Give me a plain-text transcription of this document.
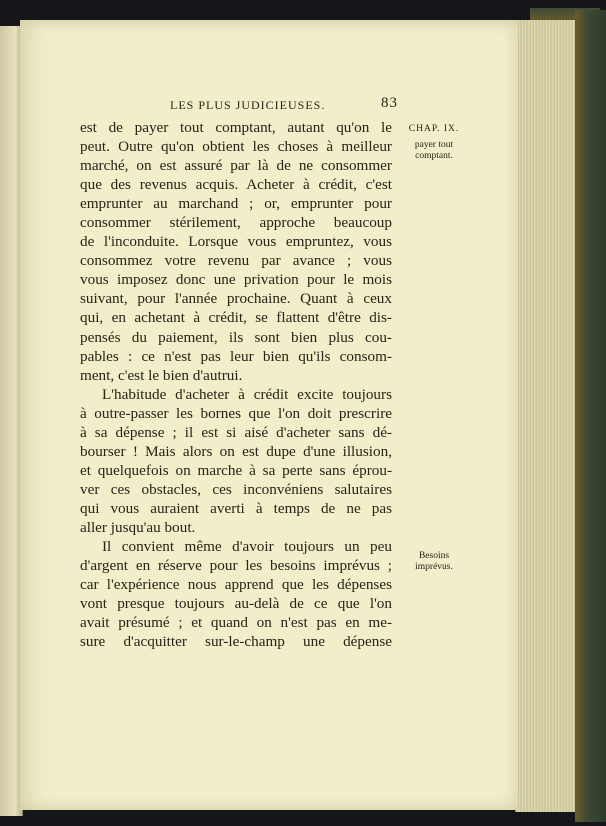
LES PLUS JUDICIEUSES.	83
est de payer tout comptant, autant qu'on le
peut. Outre qu'on obtient les choses à meilleur
marché, on est assuré par là de ne consommer
que des revenus acquis. Acheter à crédit, c'est
emprunter au marchand ; or, emprunter pour
consommer stérilement, approche beaucoup
de l'inconduite. Lorsque vous empruntez, vous
consommez votre revenu par avance ; vous
vous imposez donc une privation pour le mois
suivant, pour l'année prochaine. Quant à ceux
qui, en achetant à crédit, se flattent d'être dis-
pensés du paiement, ils sont bien plus cou-
pables : ce n'est pas leur bien qu'ils consom-
ment, c'est le bien d'autrui.
L'habitude d'acheter à crédit excite toujours
à outre-passer les bornes que l'on doit prescrire
à sa dépense ; il est si aisé d'acheter sans dé-
bourser ! Mais alors on est dupe d'une illusion,
et quelquefois on marche à sa perte sans éprou-
ver ces obstacles, ces inconvéniens salutaires
qui vous auraient averti à temps de ne pas
aller jusqu'au bout.
Il convient même d'avoir toujours un peu
d'argent en réserve pour les besoins imprévus ;
car l'expérience nous apprend que les dépenses
vont presque toujours au-delà de ce que l'on
avait présumé ; et quand on n'est pas en me-
sure d'acquitter sur-le-champ une dépense
CHAP. IX.
payer tout
comptant.
Besoins
imprévus.
